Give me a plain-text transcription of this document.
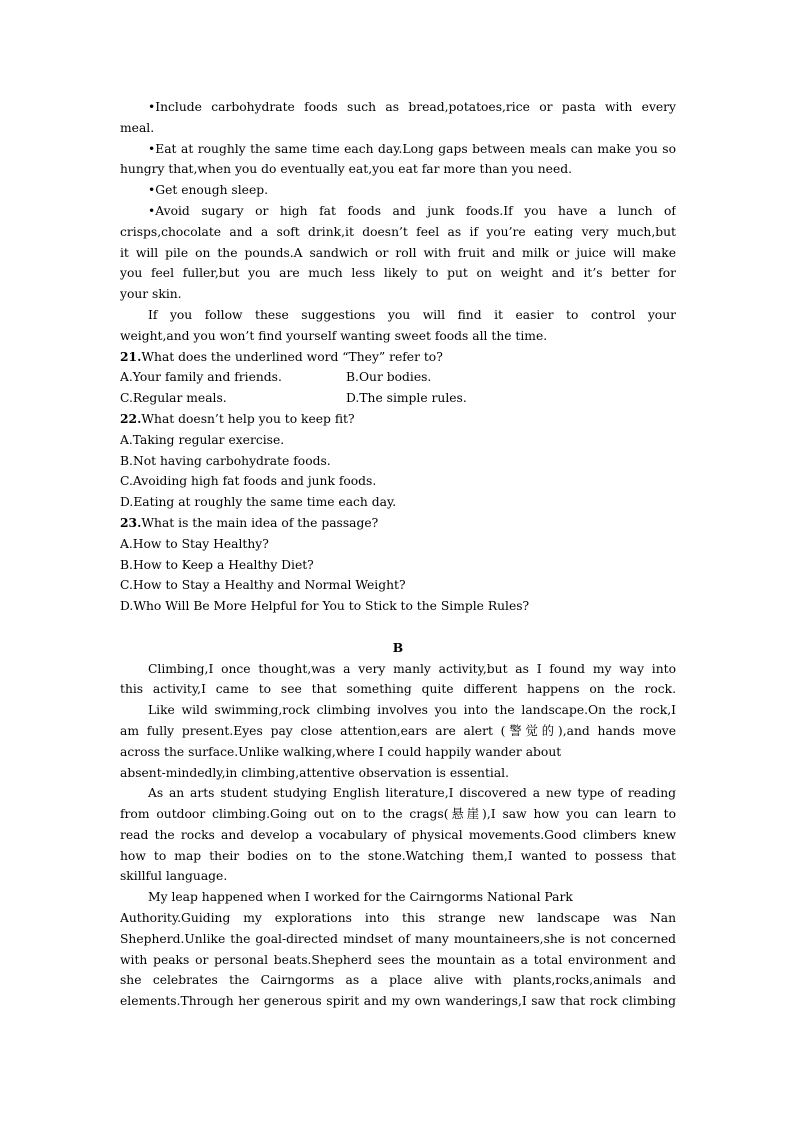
•Include carbohydrate foods such as bread,potatoes,rice or pasta with every
meal.
•Eat at roughly the same time each day.Long gaps between meals can make you so
hungry that,when you do eventually eat,you eat far more than you need.
•Get enough sleep.
•Avoid sugary or high fat foods and junk foods.If you have a lunch of
crisps,chocolate and a soft drink,it doesn’t feel as if you’re eating very much,but
it will pile on the pounds.A sandwich or roll with fruit and milk or juice will make
you feel fuller,but you are much less likely to put on weight and it’s better for
your skin.
If you follow these suggestions you will find it easier to control your
weight,and you won’t find yourself wanting sweet foods all the time.
21.What does the underlined word “They” refer to?
A.Your family and friends.	B.Our bodies.
C.Regular meals.	D.The simple rules.
22.What doesn’t help you to keep fit?
A.Taking regular exercise.
B.Not having carbohydrate foods.
C.Avoiding high fat foods and junk foods.
D.Eating at roughly the same time each day.
23.What is the main idea of the passage?
A.How to Stay Healthy?
B.How to Keep a Healthy Diet?
C.How to Stay a Healthy and Normal Weight?
D.Who Will Be More Helpful for You to Stick to the Simple Rules?
B
Climbing,I once thought,was a very manly activity,but as I found my way into
this activity,I came to see that something quite different happens on the rock.
Like wild swimming,rock climbing involves you into the landscape.On the rock,I
am fully present.Eyes pay close attention,ears are alert (警觉的),and hands move
across the surface.Unlike walking,where I could happily wander about
absent-mindedly,in climbing,attentive observation is essential.
As an arts student studying English literature,I discovered a new type of reading
from outdoor climbing.Going out on to the crags(悬崖),I saw how you can learn to
read the rocks and develop a vocabulary of physical movements.Good climbers knew
how to map their bodies on to the stone.Watching them,I wanted to possess that
skillful language.
My leap happened when I worked for the Cairngorms National Park
Authority.Guiding my explorations into this strange new landscape was Nan
Shepherd.Unlike the goal-directed mindset of many mountaineers,she is not concerned
with peaks or personal beats.Shepherd sees the mountain as a total environment and
she celebrates the Cairngorms as a place alive with plants,rocks,animals and
elements.Through her generous spirit and my own wanderings,I saw that rock climbing
